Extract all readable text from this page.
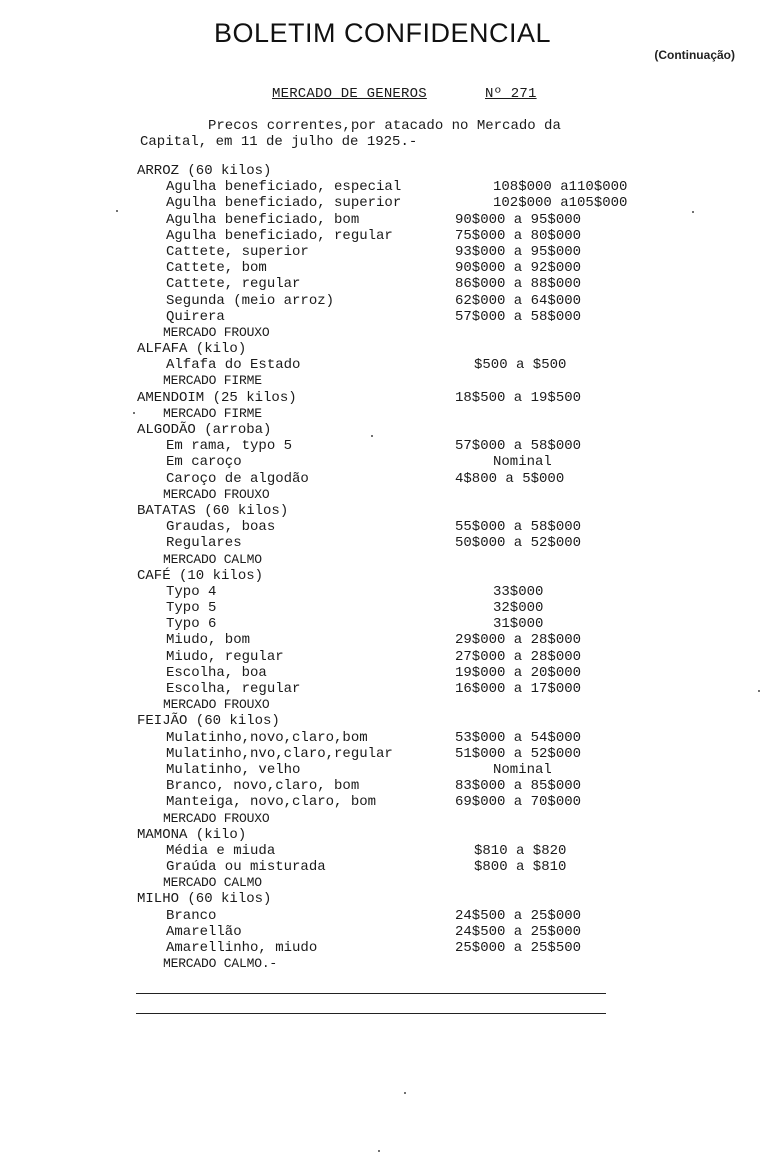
BOLETIM CONFIDENCIAL
(Continuação)
MERCADO DE GENEROS	Nº 271
Precos correntes,por atacado no Mercado da
Capital, em 11 de julho de 1925.-
ARROZ (60 kilos)
Agulha beneficiado, especial	108$000 a110$000
Agulha beneficiado, superior	102$000 a105$000
Agulha beneficiado, bom	90$000 a 95$000
Agulha beneficiado, regular	75$000 a 80$000
Cattete, superior	93$000 a 95$000
Cattete, bom	90$000 a 92$000
Cattete, regular	86$000 a 88$000
Segunda (meio arroz)	62$000 a 64$000
Quirera	57$000 a 58$000
MERCADO FROUXO
ALFAFA (kilo)
Alfafa do Estado	$500 a $500
MERCADO FIRME
AMENDOIM (25 kilos)	18$500 a 19$500
MERCADO FIRME
ALGODÃO (arroba)
Em rama, typo 5	57$000 a 58$000
Em caroço	Nominal
Caroço de algodão	4$800 a 5$000
MERCADO FROUXO
BATATAS (60 kilos)
Graudas, boas	55$000 a 58$000
Regulares	50$000 a 52$000
MERCADO CALMO
CAFÉ (10 kilos)
Typo 4	33$000
Typo 5	32$000
Typo 6	31$000
Miudo, bom	29$000 a 28$000
Miudo, regular	27$000 a 28$000
Escolha, boa	19$000 a 20$000
Escolha, regular	16$000 a 17$000
MERCADO FROUXO
FEIJÃO (60 kilos)
Mulatinho,novo,claro,bom	53$000 a 54$000
Mulatinho,nvo,claro,regular	51$000 a 52$000
Mulatinho, velho	Nominal
Branco, novo,claro, bom	83$000 a 85$000
Manteiga, novo,claro, bom	69$000 a 70$000
MERCADO FROUXO
MAMONA (kilo)
Média e miuda	$810 a $820
Graúda ou misturada	$800 a $810
MERCADO CALMO
MILHO (60 kilos)
Branco	24$500 a 25$000
Amarellão	24$500 a 25$000
Amarellinho, miudo	25$000 a 25$500
MERCADO CALMO.-
